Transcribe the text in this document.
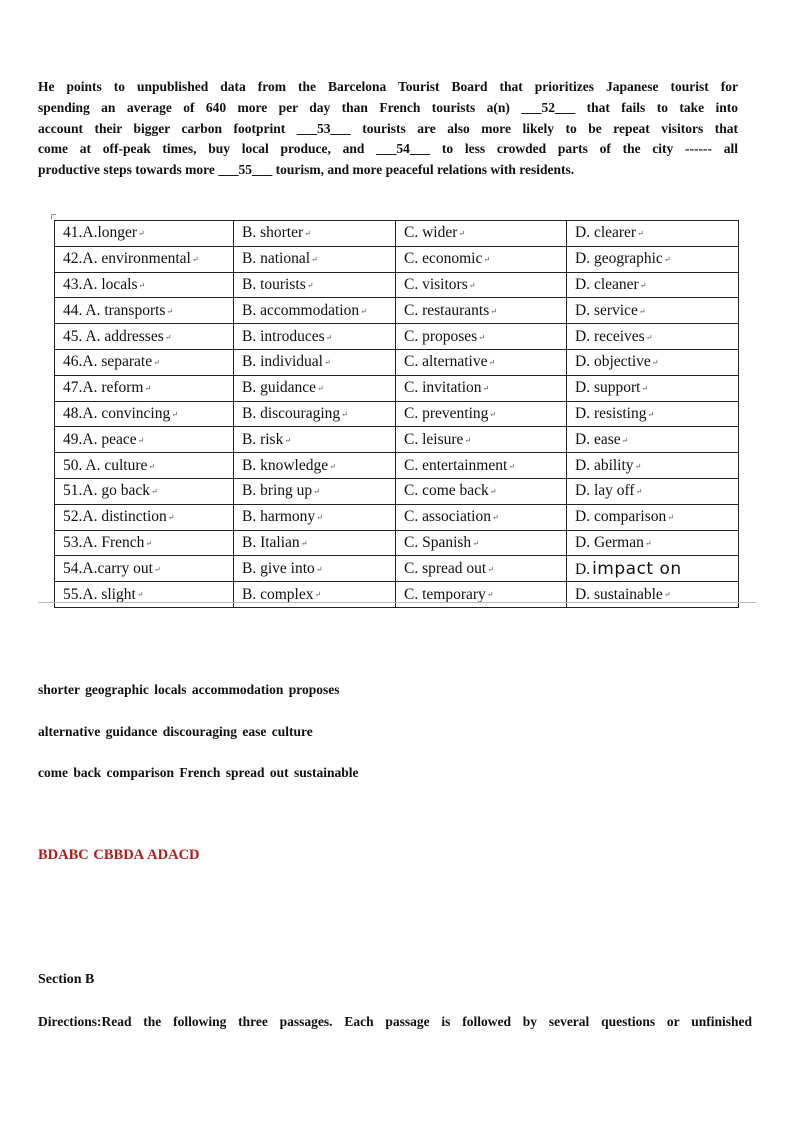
He points to unpublished data from the Barcelona Tourist Board that prioritizes Japanese tourist for
spending an average of 640 more per day than French tourists a(n) ___52___ that fails to take into
account their bigger carbon footprint ___53___ tourists are also more likely to be repeat visitors that
come at off-peak times, buy local produce, and ___54___ to less crowded parts of the city ------ all
productive steps towards more ___55___ tourism, and more peaceful relations with residents.
41.A.longer↵	B. shorter↵	C. wider↵	D. clearer↵
42.A. environmental↵	B. national↵	C. economic↵	D. geographic↵
43.A. locals↵	B. tourists↵	C. visitors↵	D. cleaner↵
44. A. transports↵	B. accommodation↵	C. restaurants↵	D. service↵
45. A. addresses↵	B. introduces↵	C. proposes↵	D. receives↵
46.A. separate↵	B. individual↵	C. alternative↵	D. objective↵
47.A. reform↵	B. guidance↵	C. invitation↵	D. support↵
48.A. convincing↵	B. discouraging↵	C. preventing↵	D. resisting↵
49.A. peace↵	B. risk↵	C. leisure↵	D. ease↵
50. A. culture↵	B. knowledge↵	C. entertainment↵	D. ability↵
51.A. go back↵	B. bring up↵	C. come back↵	D. lay off↵
52.A. distinction↵	B. harmony↵	C. association↵	D. comparison↵
53.A. French↵	B. Italian↵	C. Spanish↵	D. German↵
54.A.carry out↵	B. give into↵	C. spread out↵	D. impact on
55.A. slight↵	B. complex↵	C. temporary↵	D. sustainable↵
shorter geographic locals accommodation proposes
alternative guidance discouraging ease culture
come back comparison French spread out sustainable
BDABC CBBDA ADACD
Section B
Directions:Read the following three passages. Each passage is followed by several questions or unfinished
